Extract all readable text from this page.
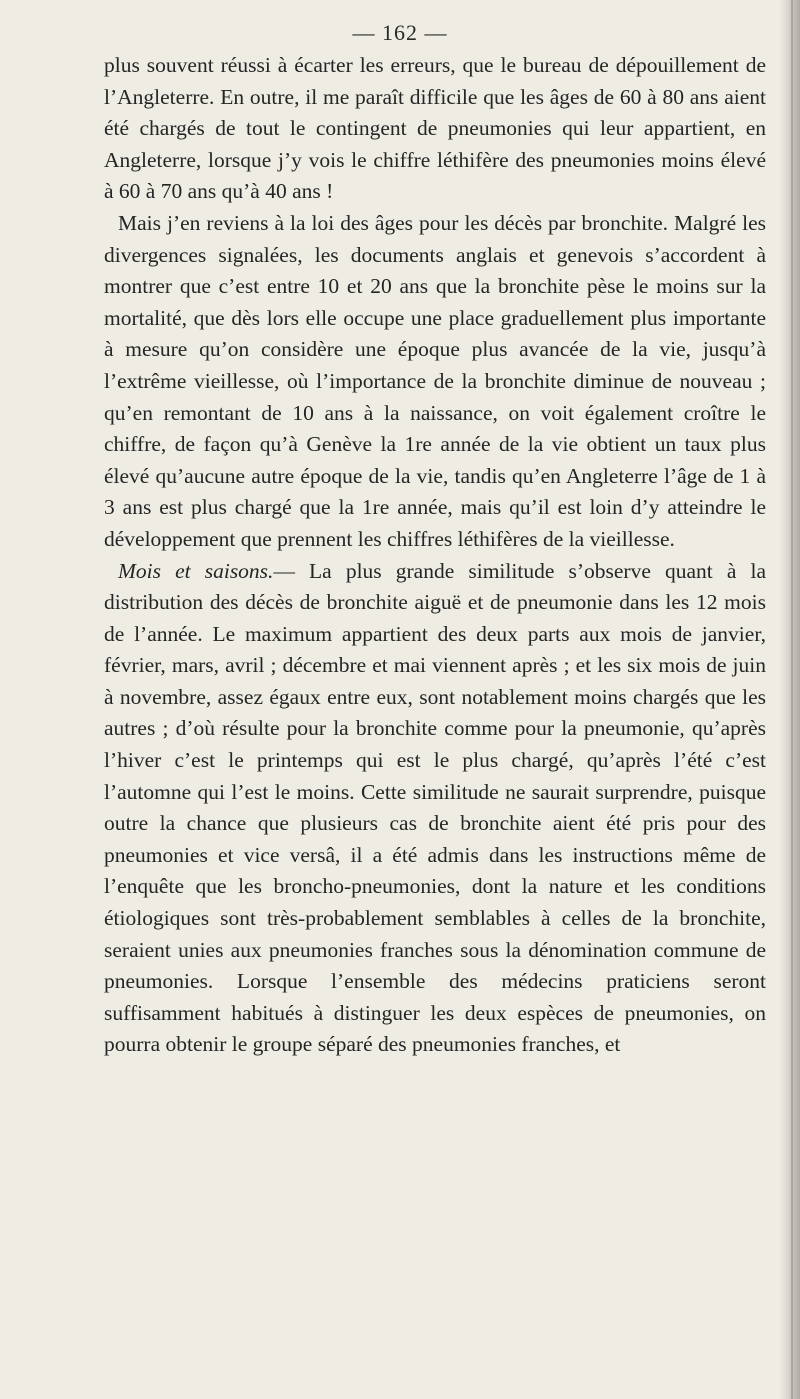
— 162 —

plus souvent réussi à écarter les erreurs, que le bureau de dépouillement de l’Angleterre. En outre, il me paraît difficile que les âges de 60 à 80 ans aient été chargés de tout le contingent de pneumonies qui leur appartient, en Angleterre, lorsque j’y vois le chiffre léthifère des pneumonies moins élevé à 60 à 70 ans qu’à 40 ans !

Mais j’en reviens à la loi des âges pour les décès par bronchite. Malgré les divergences signalées, les documents anglais et genevois s’accordent à montrer que c’est entre 10 et 20 ans que la bronchite pèse le moins sur la mortalité, que dès lors elle occupe une place graduellement plus importante à mesure qu’on considère une époque plus avancée de la vie, jusqu’à l’extrême vieillesse, où l’importance de la bronchite diminue de nouveau ; qu’en remontant de 10 ans à la naissance, on voit également croître le chiffre, de façon qu’à Genève la 1re année de la vie obtient un taux plus élevé qu’aucune autre époque de la vie, tandis qu’en Angleterre l’âge de 1 à 3 ans est plus chargé que la 1re année, mais qu’il est loin d’y atteindre le développement que prennent les chiffres léthifères de la vieillesse.

Mois et saisons.— La plus grande similitude s’observe quant à la distribution des décès de bronchite aiguë et de pneumonie dans les 12 mois de l’année. Le maximum appartient des deux parts aux mois de janvier, février, mars, avril ; décembre et mai viennent après ; et les six mois de juin à novembre, assez égaux entre eux, sont notablement moins chargés que les autres ; d’où résulte pour la bronchite comme pour la pneumonie, qu’après l’hiver c’est le printemps qui est le plus chargé, qu’après l’été c’est l’automne qui l’est le moins. Cette similitude ne saurait surprendre, puisque outre la chance que plusieurs cas de bronchite aient été pris pour des pneumonies et vice versâ, il a été admis dans les instructions même de l’enquête que les broncho-pneumonies, dont la nature et les conditions étiologiques sont très-probablement semblables à celles de la bronchite, seraient unies aux pneumonies franches sous la dénomination commune de pneumonies. Lorsque l’ensemble des médecins praticiens seront suffisamment habitués à distinguer les deux espèces de pneumonies, on pourra obtenir le groupe séparé des pneumonies franches, et
